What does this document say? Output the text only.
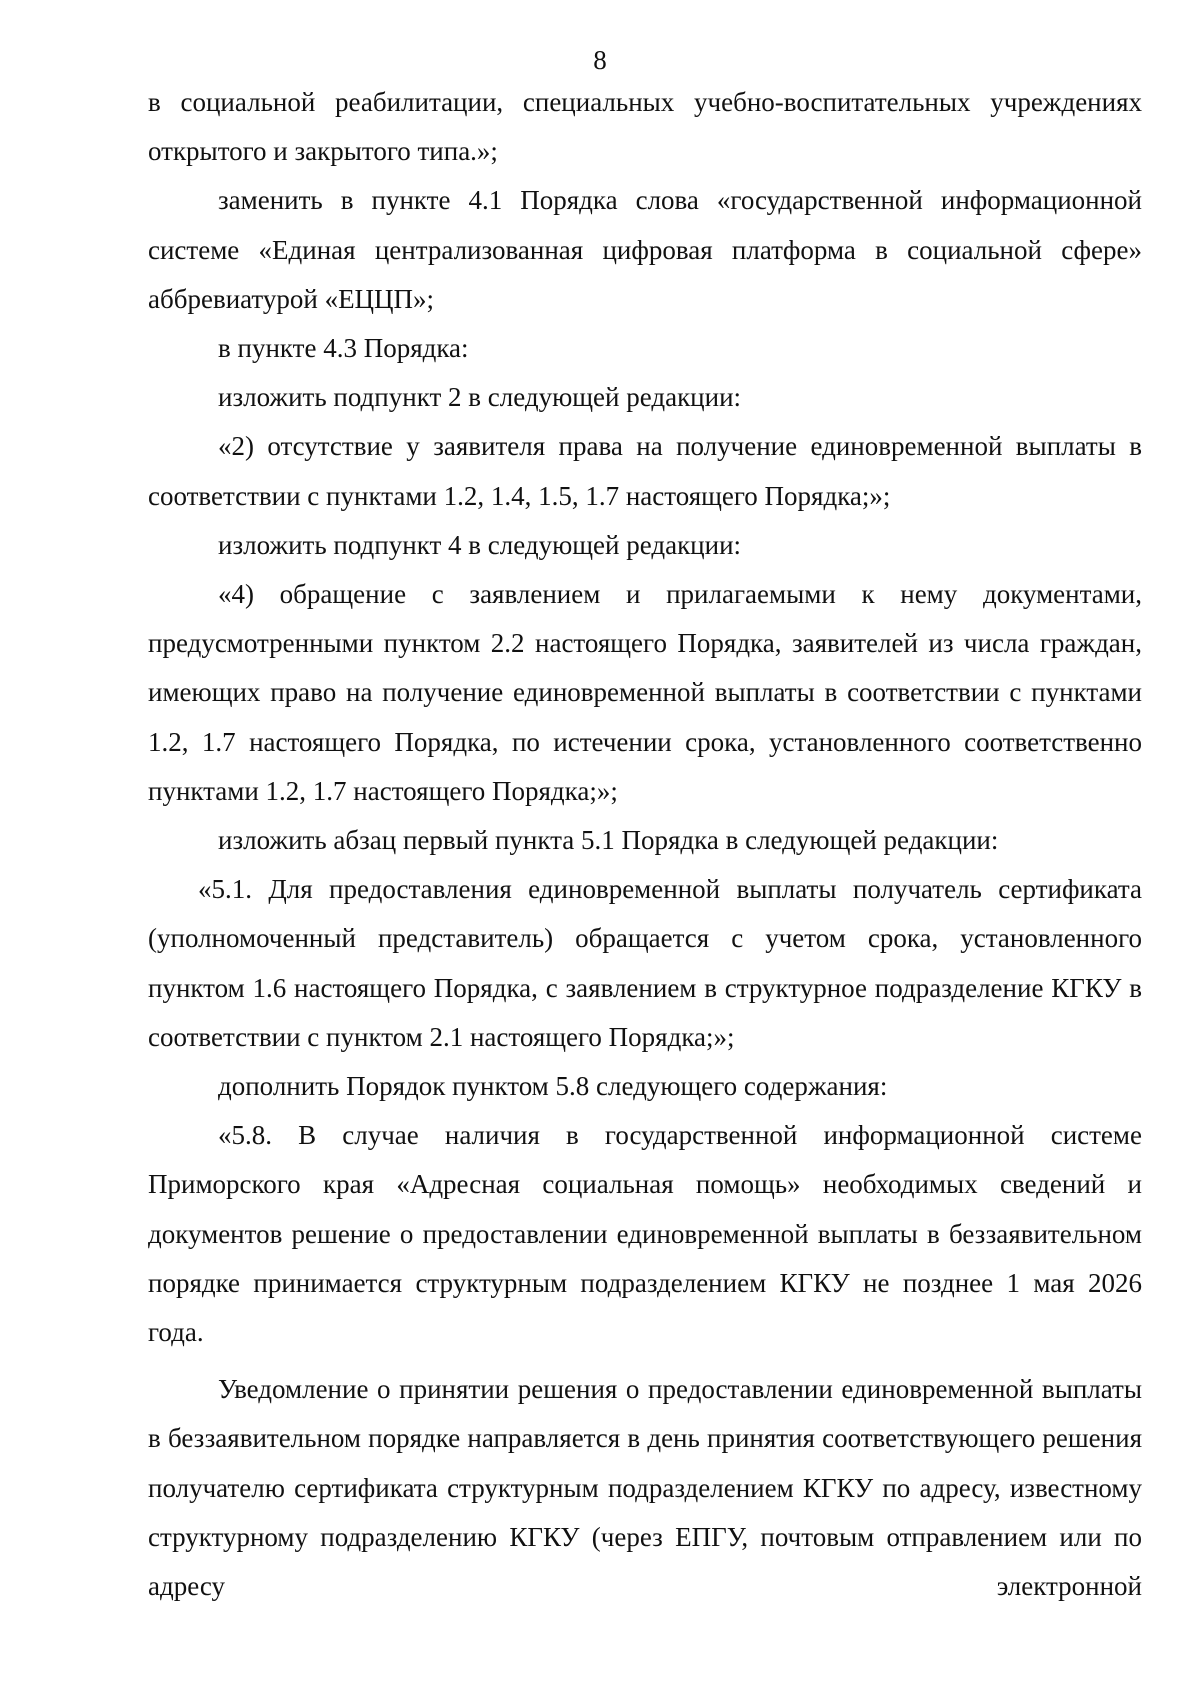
8

в социальной реабилитации, специальных учебно-воспитательных учреждениях открытого и закрытого типа.»;

заменить в пункте 4.1 Порядка слова «государственной информационной системе «Единая централизованная цифровая платформа в социальной сфере» аббревиатурой «ЕЦЦП»;

в пункте 4.3 Порядка:

изложить подпункт 2 в следующей редакции:

«2) отсутствие у заявителя права на получение единовременной выплаты в соответствии с пунктами 1.2, 1.4, 1.5, 1.7 настоящего Порядка;»;

изложить подпункт 4 в следующей редакции:

«4) обращение с заявлением и прилагаемыми к нему документами, предусмотренными пунктом 2.2 настоящего Порядка, заявителей из числа граждан, имеющих право на получение единовременной выплаты в соответствии с пунктами 1.2, 1.7 настоящего Порядка, по истечении срока, установленного соответственно пунктами 1.2, 1.7 настоящего Порядка;»;

изложить абзац первый пункта 5.1 Порядка в следующей редакции:

«5.1. Для предоставления единовременной выплаты получатель сертификата (уполномоченный представитель) обращается с учетом срока, установленного пунктом 1.6 настоящего Порядка, с заявлением в структурное подразделение КГКУ в соответствии с пунктом 2.1 настоящего Порядка;»;

дополнить Порядок пунктом 5.8 следующего содержания:

«5.8. В случае наличия в государственной информационной системе Приморского края «Адресная социальная помощь» необходимых сведений и документов решение о предоставлении единовременной выплаты в беззаявительном порядке принимается структурным подразделением КГКУ не позднее 1 мая 2026 года.

Уведомление о принятии решения о предоставлении единовременной выплаты в беззаявительном порядке направляется в день принятия соответствующего решения получателю сертификата структурным подразделением КГКУ по адресу, известному структурному подразделению КГКУ (через ЕПГУ, почтовым отправлением или по адресу электронной
